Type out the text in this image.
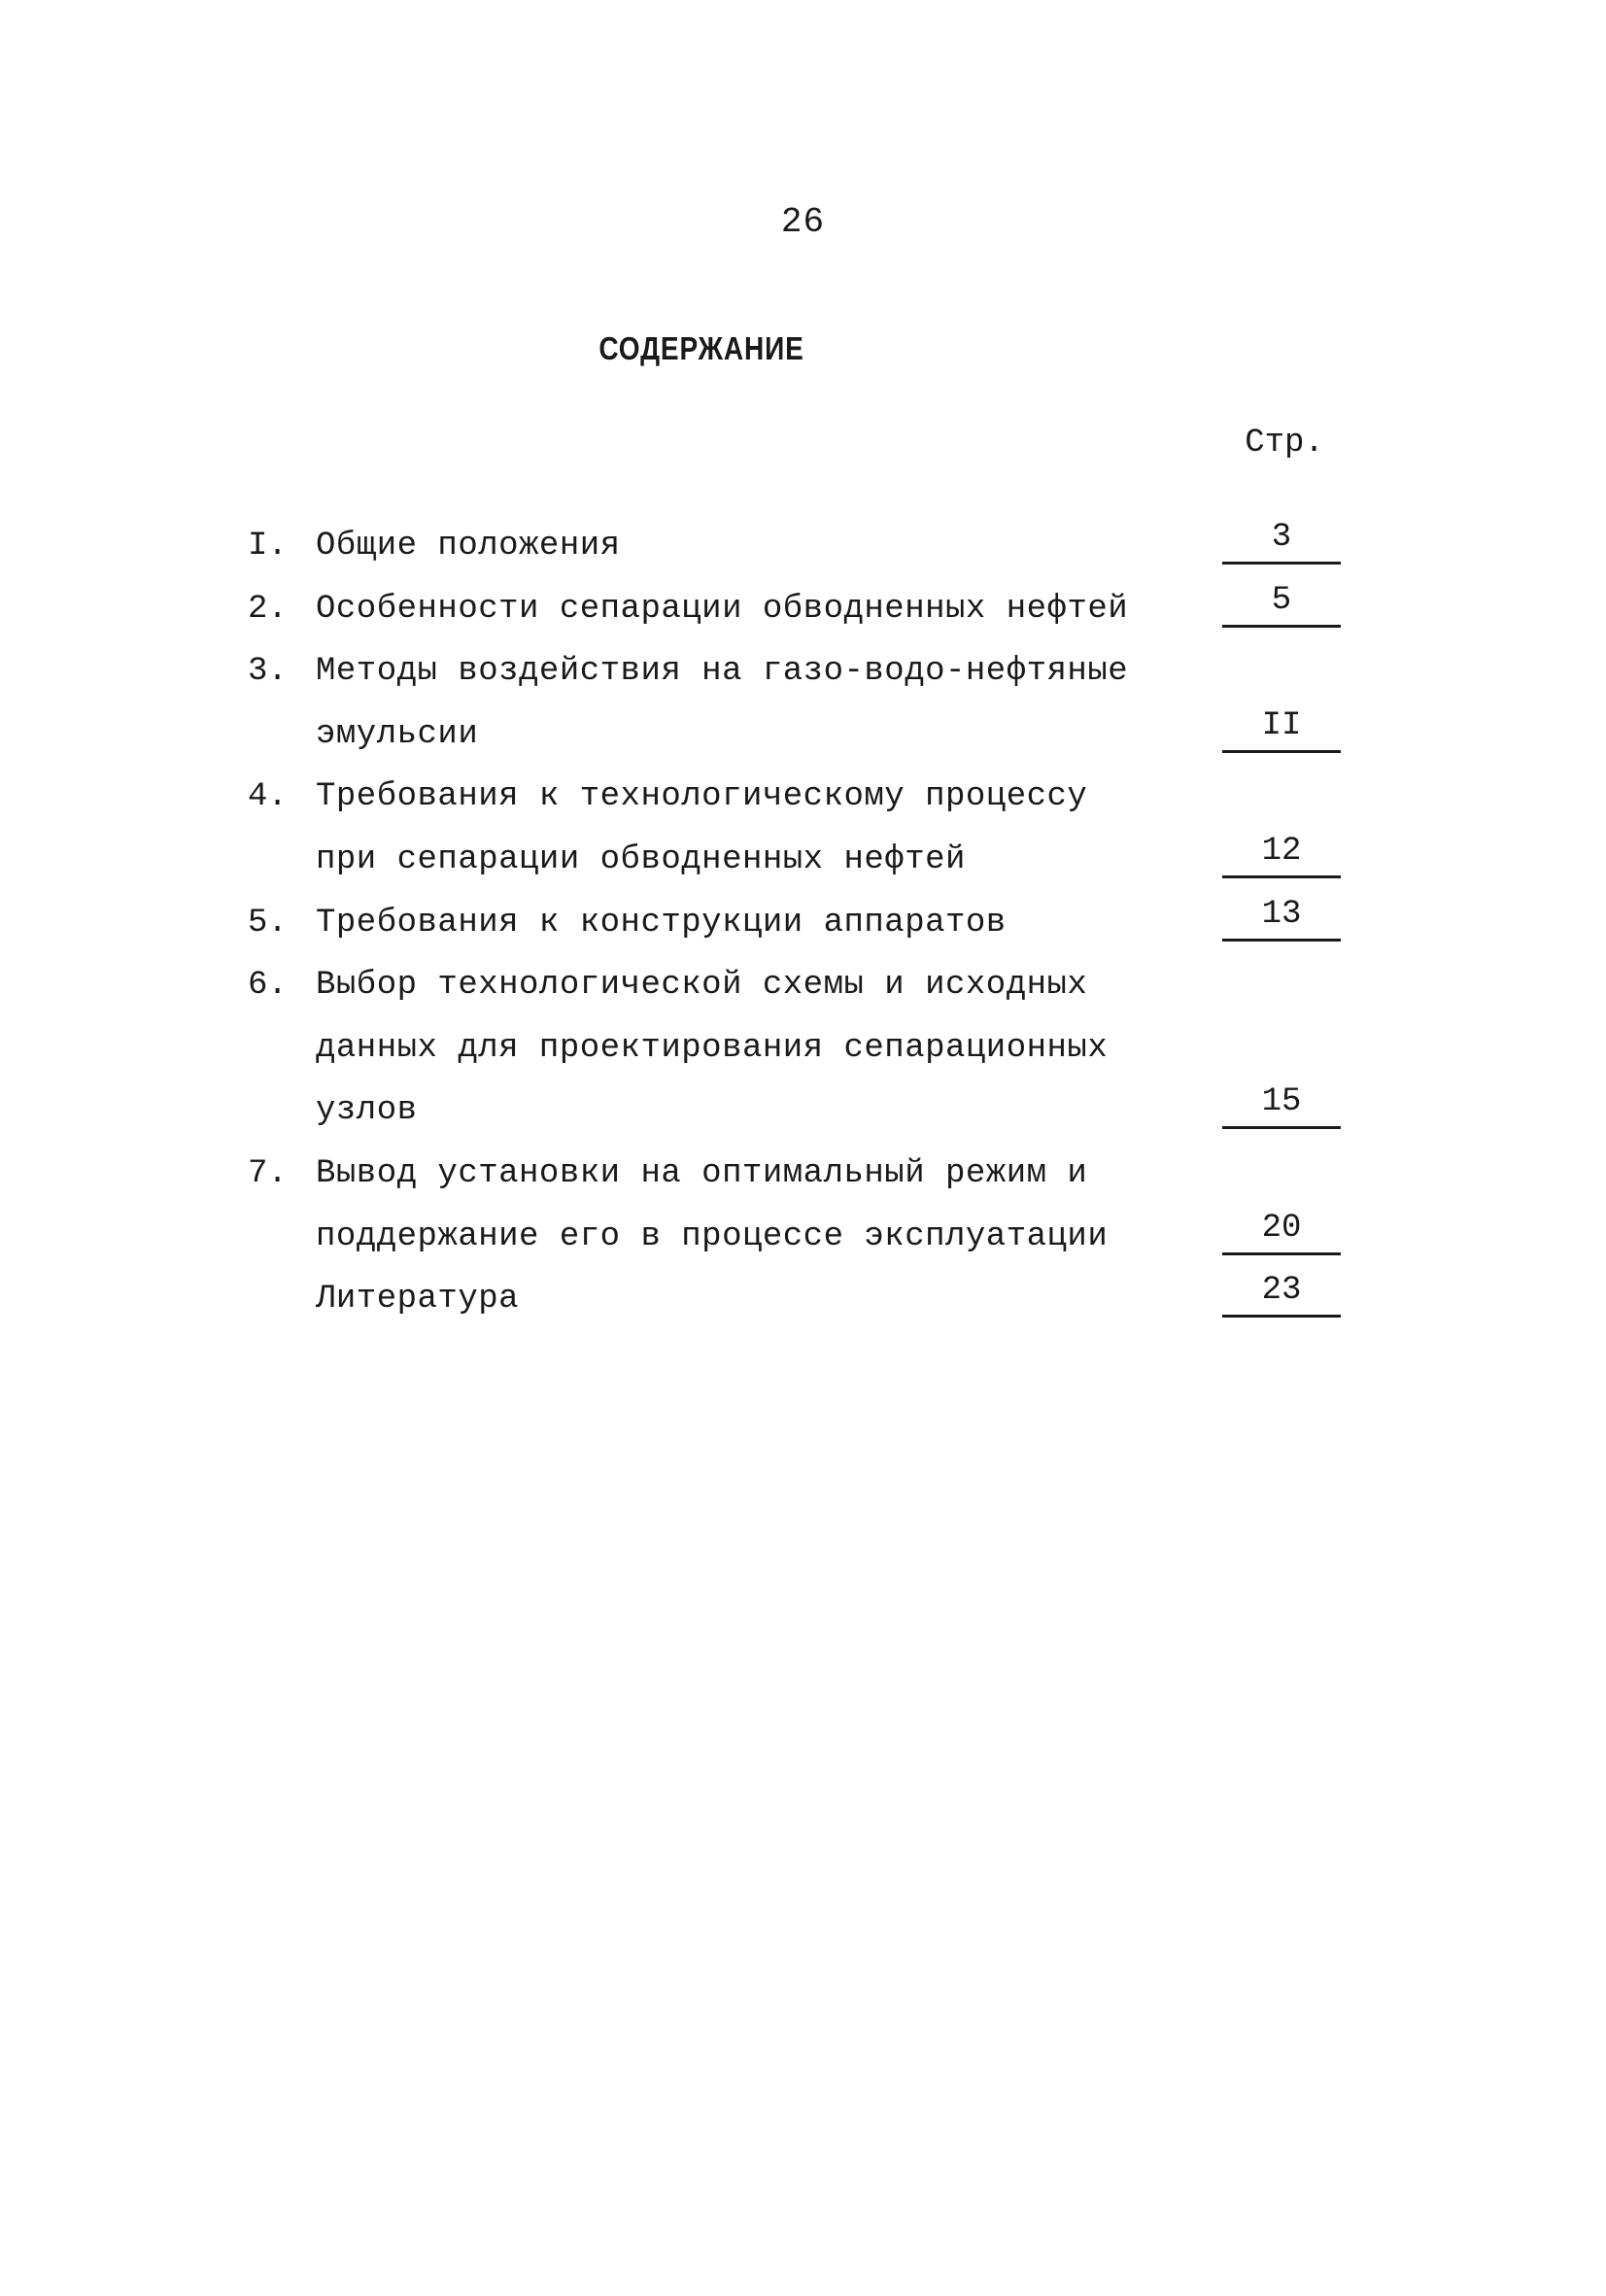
26
СОДЕРЖАНИЕ
Стр.
I. Общие положения	3
2. Особенности сепарации обводненных нефтей	5
3. Методы воздействия на газо-водо-нефтяные
эмульсии	II
4. Требования к технологическому процессу
при сепарации обводненных нефтей	12
5. Требования к конструкции аппаратов	13
6. Выбор технологической схемы и исходных
данных для проектирования сепарационных
узлов	15
7. Вывод установки на оптимальный режим и
поддержание его в процессе эксплуатации	20
Литература	23
